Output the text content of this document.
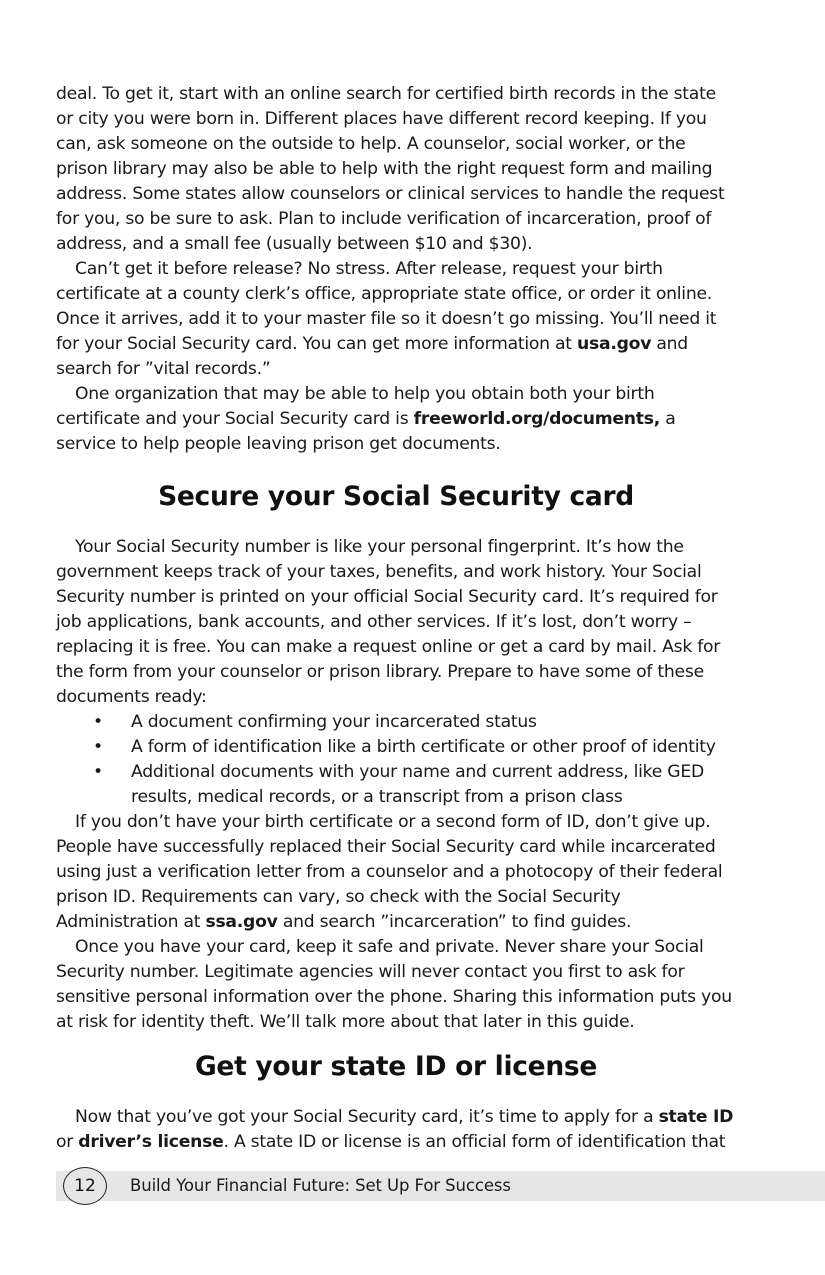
deal. To get it, start with an online search for certified birth records in the state or city you were born in. Different places have different record keeping. If you can, ask someone on the outside to help. A counselor, social worker, or the prison library may also be able to help with the right request form and mailing address. Some states allow counselors or clinical services to handle the request for you, so be sure to ask. Plan to include verification of incarceration, proof of address, and a small fee (usually between $10 and $30).

Can’t get it before release? No stress. After release, request your birth certificate at a county clerk’s office, appropriate state office, or order it online. Once it arrives, add it to your master file so it doesn’t go missing. You’ll need it for your Social Security card. You can get more information at usa.gov and search for ”vital records.”

One organization that may be able to help you obtain both your birth certificate and your Social Security card is freeworld.org/documents, a service to help people leaving prison get documents.

Secure your Social Security card

Your Social Security number is like your personal fingerprint. It’s how the government keeps track of your taxes, benefits, and work history. Your Social Security number is printed on your official Social Security card. It’s required for job applications, bank accounts, and other services. If it’s lost, don’t worry – replacing it is free. You can make a request online or get a card by mail. Ask for the form from your counselor or prison library. Prepare to have some of these documents ready:

• A document confirming your incarcerated status
• A form of identification like a birth certificate or other proof of identity
• Additional documents with your name and current address, like GED results, medical records, or a transcript from a prison class

If you don’t have your birth certificate or a second form of ID, don’t give up. People have successfully replaced their Social Security card while incarcerated using just a verification letter from a counselor and a photocopy of their federal prison ID. Requirements can vary, so check with the Social Security Administration at ssa.gov and search ”incarceration” to find guides.

Once you have your card, keep it safe and private. Never share your Social Security number. Legitimate agencies will never contact you first to ask for sensitive personal information over the phone. Sharing this information puts you at risk for identity theft. We’ll talk more about that later in this guide.

Get your state ID or license

Now that you’ve got your Social Security card, it’s time to apply for a state ID or driver’s license. A state ID or license is an official form of identification that

12	Build Your Financial Future: Set Up For Success
